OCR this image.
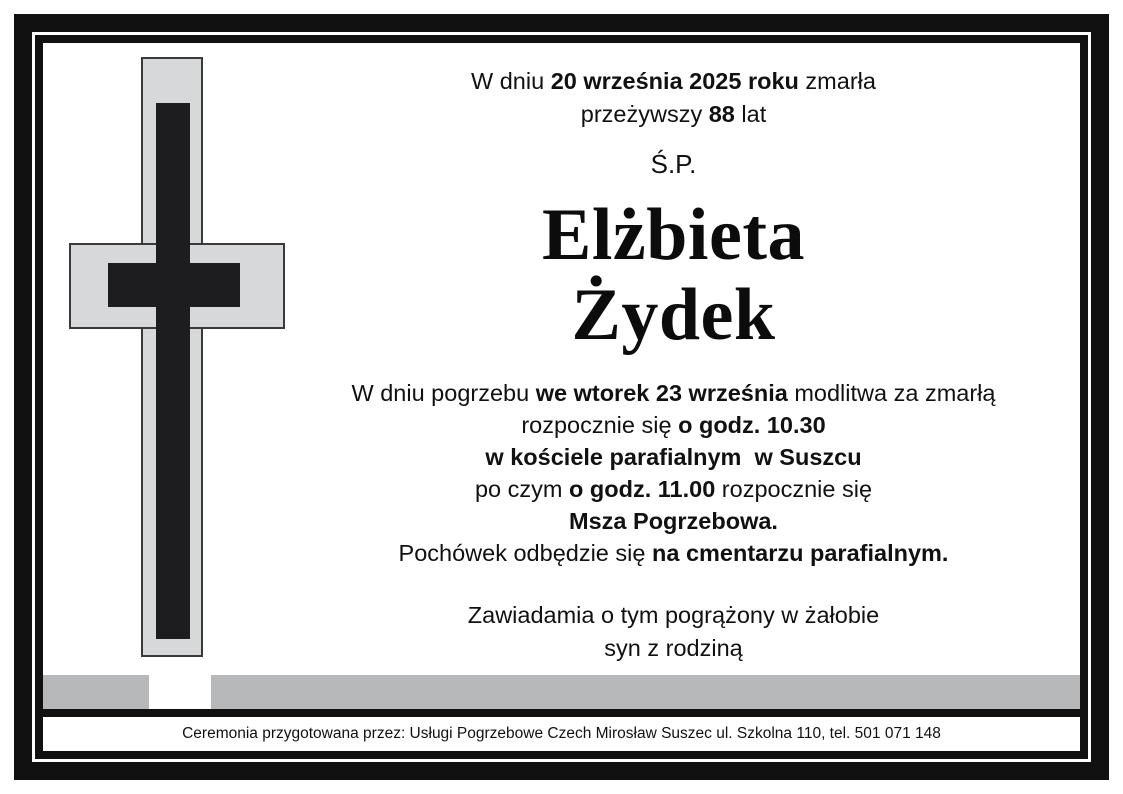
W dniu 20 września 2025 roku zmarła
przeżywszy 88 lat
Ś.P.
Elżbieta
Żydek
W dniu pogrzebu we wtorek 23 września modlitwa za zmarłą
rozpocznie się o godz. 10.30
w kościele parafialnym  w Suszcu
po czym o godz. 11.00 rozpocznie się
Msza Pogrzebowa.
Pochówek odbędzie się na cmentarzu parafialnym.
Zawiadamia o tym pogrążony w żałobie
syn z rodziną
Ceremonia przygotowana przez: Usługi Pogrzebowe Czech Mirosław Suszec ul. Szkolna 110, tel. 501 071 148
